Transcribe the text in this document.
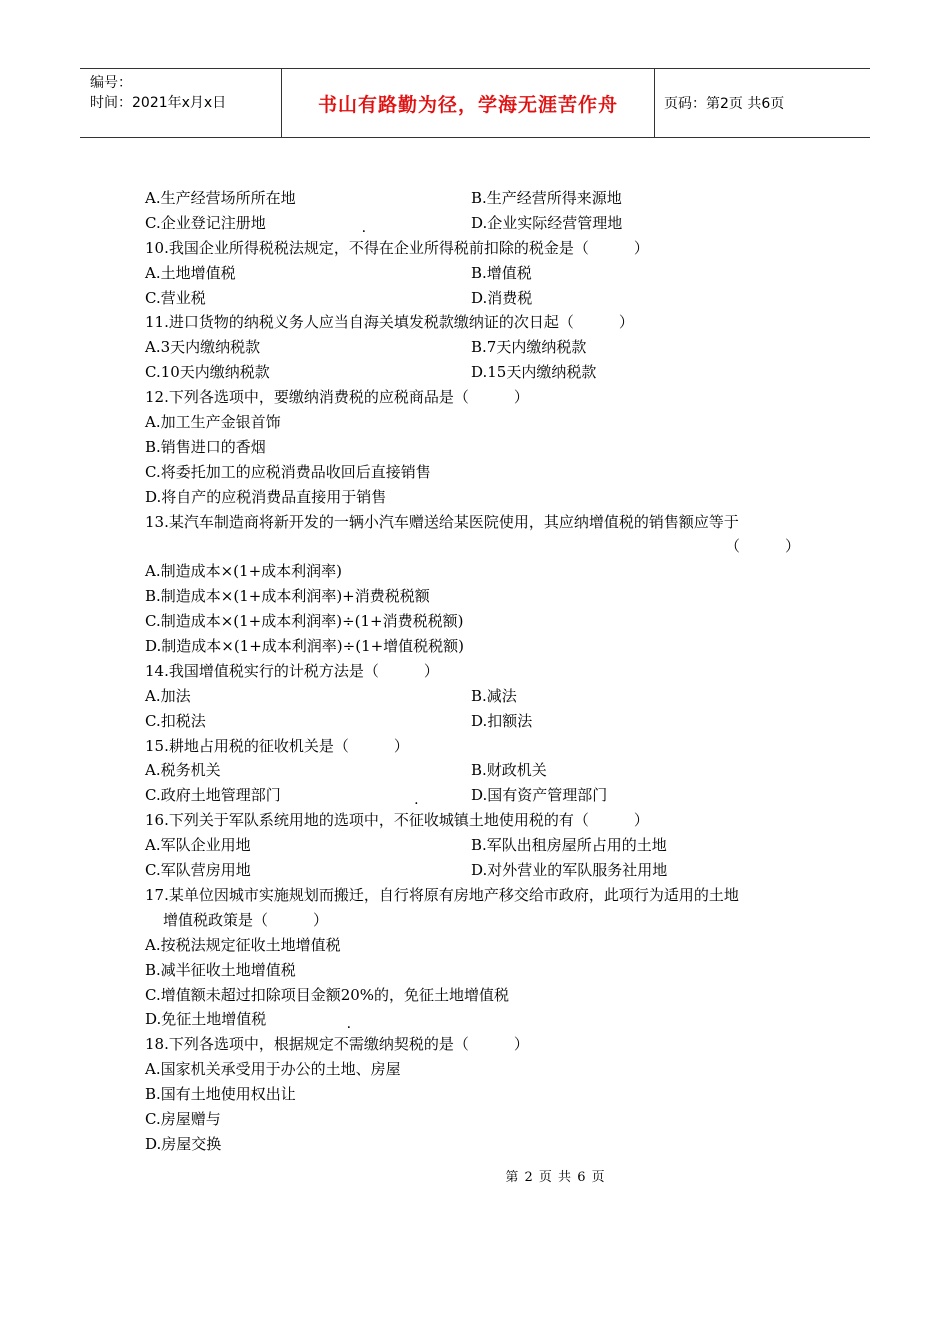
编号：
时间：2021年x月x日	书山有路勤为径，学海无涯苦作舟	页码：第2页 共6页
A.生产经营场所所在地	B.生产经营所得来源地
C.企业登记注册地	D.企业实际经营管理地
10.我国企业所得税税法规定，不得在企业所得税前扣除的税金是（　　　）
A.土地增值税	B.增值税
C.营业税	D.消费税
11.进口货物的纳税义务人应当自海关填发税款缴纳证的次日起（　　　）
A.3天内缴纳税款	B.7天内缴纳税款
C.10天内缴纳税款	D.15天内缴纳税款
12.下列各选项中，要缴纳消费税的应税商品是（　　　）
A.加工生产金银首饰
B.销售进口的香烟
C.将委托加工的应税消费品收回后直接销售
D.将自产的应税消费品直接用于销售
13.某汽车制造商将新开发的一辆小汽车赠送给某医院使用，其应纳增值税的销售额应等于
（　　　）
A.制造成本×(1+成本利润率)
B.制造成本×(1+成本利润率)+消费税税额
C.制造成本×(1+成本利润率)÷(1+消费税税额)
D.制造成本×(1+成本利润率)÷(1+增值税税额)
14.我国增值税实行的计税方法是（　　　）
A.加法	B.减法
C.扣税法	D.扣额法
15.耕地占用税的征收机关是（　　　）
A.税务机关	B.财政机关
C.政府土地管理部门	D.国有资产管理部门
16.下列关于军队系统用地的选项中，不征收城镇土地使用税的有（　　　）
A.军队企业用地	B.军队出租房屋所占用的土地
C.军队营房用地	D.对外营业的军队服务社用地
17.某单位因城市实施规划而搬迁，自行将原有房地产移交给市政府，此项行为适用的土地
增值税政策是（　　　）
A.按税法规定征收土地增值税
B.减半征收土地增值税
C.增值额未超过扣除项目金额20%的，免征土地增值税
D.免征土地增值税
18.下列各选项中，根据规定不需缴纳契税的是（　　　）
A.国家机关承受用于办公的土地、房屋
B.国有土地使用权出让
C.房屋赠与
D.房屋交换
第 2 页 共 6 页
